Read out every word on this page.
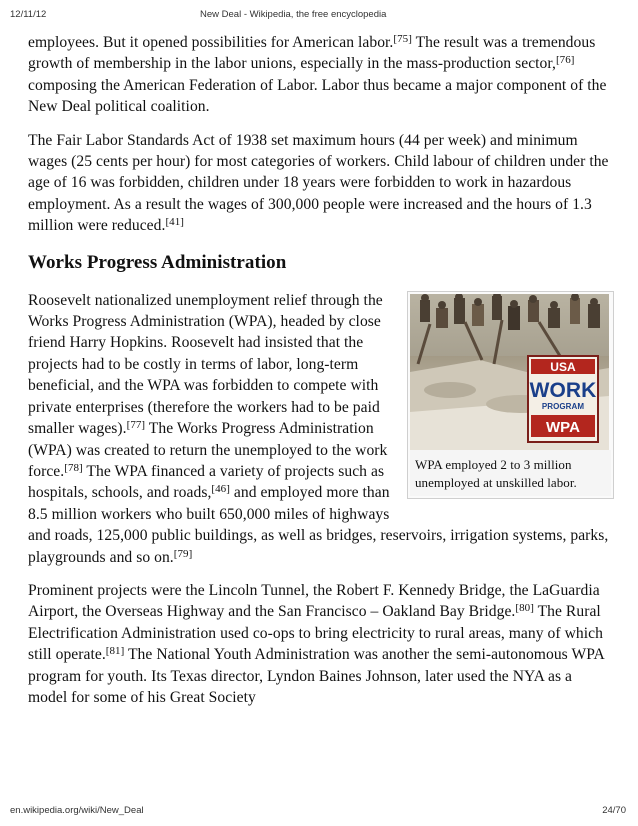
12/11/12	New Deal - Wikipedia, the free encyclopedia

employees. But it opened possibilities for American labor.[75] The result was a tremendous growth of membership in the labor unions, especially in the mass-production sector,[76] composing the American Federation of Labor. Labor thus became a major component of the New Deal political coalition.

The Fair Labor Standards Act of 1938 set maximum hours (44 per week) and minimum wages (25 cents per hour) for most categories of workers. Child labour of children under the age of 16 was forbidden, children under 18 years were forbidden to work in hazardous employment. As a result the wages of 300,000 people were increased and the hours of 1.3 million were reduced.[41]

Works Progress Administration
USA
WORK
PROGRAM
WPA
WPA employed 2 to 3 million unemployed at unskilled labor.

Roosevelt nationalized unemployment relief through the Works Progress Administration (WPA), headed by close friend Harry Hopkins. Roosevelt had insisted that the projects had to be costly in terms of labor, long-term beneficial, and the WPA was forbidden to compete with private enterprises (therefore the workers had to be paid smaller wages).[77] The Works Progress Administration (WPA) was created to return the unemployed to the work force.[78] The WPA financed a variety of projects such as hospitals, schools, and roads,[46] and employed more than 8.5 million workers who built 650,000 miles of highways and roads, 125,000 public buildings, as well as bridges, reservoirs, irrigation systems, parks, playgrounds and so on.[79]

Prominent projects were the Lincoln Tunnel, the Robert F. Kennedy Bridge, the LaGuardia Airport, the Overseas Highway and the San Francisco – Oakland Bay Bridge.[80] The Rural Electrification Administration used co-ops to bring electricity to rural areas, many of which still operate.[81] The National Youth Administration was another the semi-autonomous WPA program for youth. Its Texas director, Lyndon Baines Johnson, later used the NYA as a model for some of his Great Society

en.wikipedia.org/wiki/New_Deal	24/70
